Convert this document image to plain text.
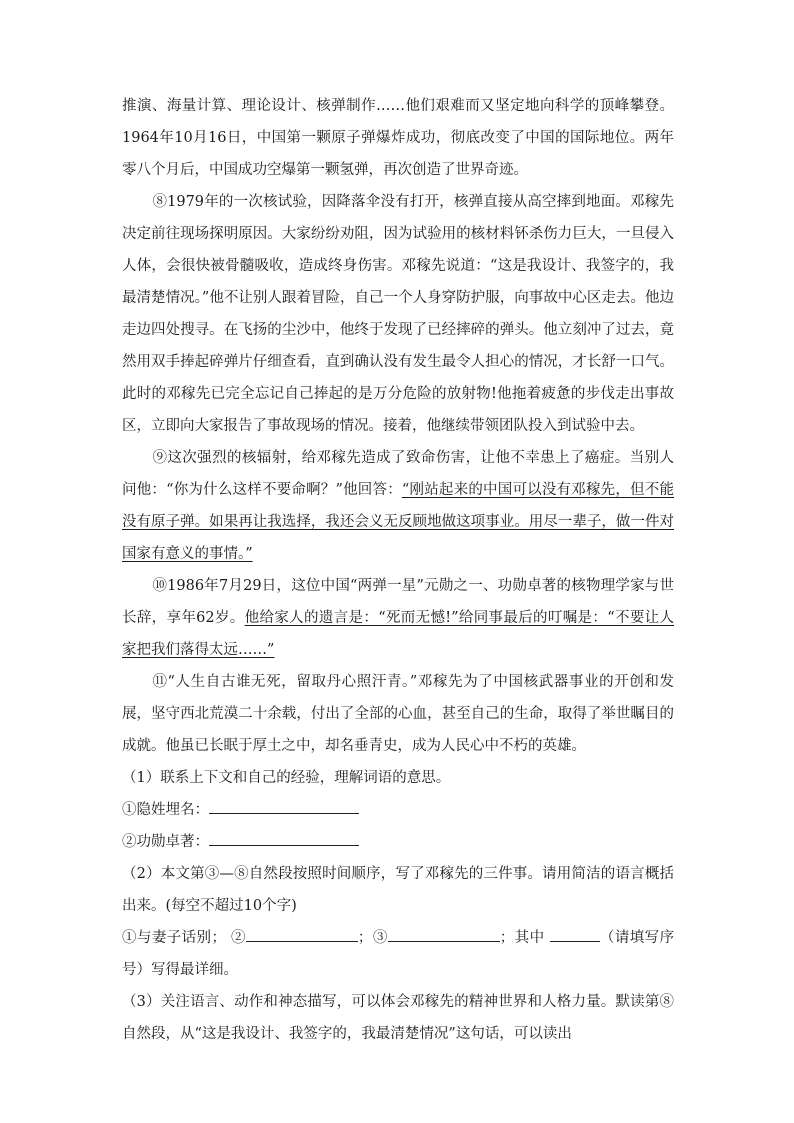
推演、海量计算、理论设计、核弹制作……他们艰难而又坚定地向科学的顶峰攀登。1964年10月16日，中国第一颗原子弹爆炸成功，彻底改变了中国的国际地位。两年零八个月后，中国成功空爆第一颗氢弹，再次创造了世界奇迹。

⑧1979年的一次核试验，因降落伞没有打开，核弹直接从高空摔到地面。邓稼先决定前往现场探明原因。大家纷纷劝阻，因为试验用的核材料钚杀伤力巨大，一旦侵入人体，会很快被骨髓吸收，造成终身伤害。邓稼先说道：“这是我设计、我签字的，我最清楚情况。”他不让别人跟着冒险，自己一个人身穿防护服，向事故中心区走去。他边走边四处搜寻。在飞扬的尘沙中，他终于发现了已经摔碎的弹头。他立刻冲了过去，竟然用双手捧起碎弹片仔细查看，直到确认没有发生最令人担心的情况，才长舒一口气。此时的邓稼先已完全忘记自己捧起的是万分危险的放射物!他拖着疲惫的步伐走出事故区，立即向大家报告了事故现场的情况。接着，他继续带领团队投入到试验中去。

⑨这次强烈的核辐射，给邓稼先造成了致命伤害，让他不幸患上了癌症。当别人问他：“你为什么这样不要命啊？”他回答：“刚站起来的中国可以没有邓稼先，但不能没有原子弹。如果再让我选择，我还会义无反顾地做这项事业。用尽一辈子，做一件对国家有意义的事情。”

⑩1986年7月29日，这位中国“两弹一星”元勋之一、功勋卓著的核物理学家与世长辞，享年62岁。他给家人的遗言是：“死而无憾!”给同事最后的叮嘱是：“不要让人家把我们落得太远……”

⑪“人生自古谁无死，留取丹心照汗青。”邓稼先为了中国核武器事业的开创和发展，坚守西北荒漠二十余载，付出了全部的心血，甚至自己的生命，取得了举世瞩目的成就。他虽已长眠于厚土之中，却名垂青史，成为人民心中不朽的英雄。

（1）联系上下文和自己的经验，理解词语的意思。

①隐姓埋名：

②功勋卓著：

（2）本文第③—⑧自然段按照时间顺序，写了邓稼先的三件事。请用简洁的语言概括出来。(每空不超过10个字)

①与妻子话别； ②	；③	；其中	（请填写序号）写得最详细。

（3）关注语言、动作和神态描写，可以体会邓稼先的精神世界和人格力量。默读第⑧自然段，从“这是我设计、我签字的，我最清楚情况”这句话，可以读出
